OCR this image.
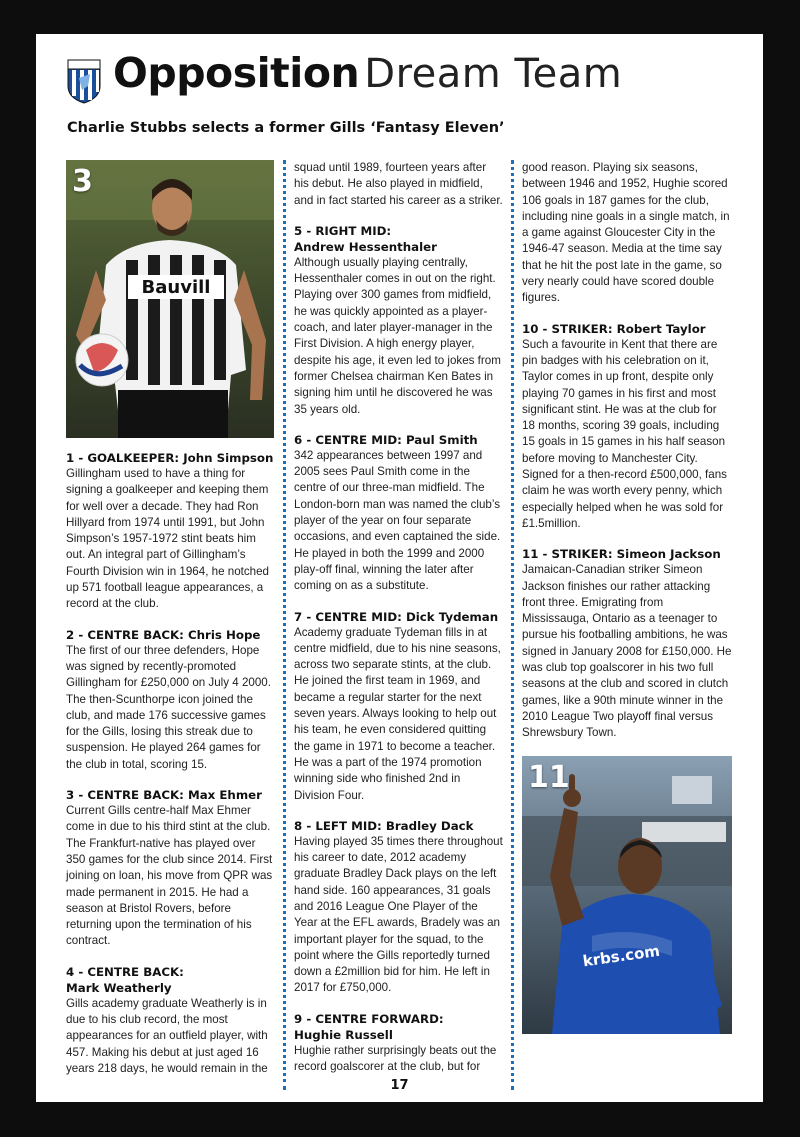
Opposition Dream Team
Charlie Stubbs selects a former Gills ‘Fantasy Eleven’
Bauvill
3
1 - GOALKEEPER: John Simpson

Gillingham used to have a thing for signing a goalkeeper and keeping them for well over a decade. They had Ron Hillyard from 1974 until 1991, but John Simpson’s 1957-1972 stint beats him out. An integral part of Gillingham’s Fourth Division win in 1964, he notched up 571 football league appearances, a record at the club.

2 - CENTRE BACK: Chris Hope

The first of our three defenders, Hope was signed by recently-promoted Gillingham for £250,000 on July 4 2000. The then-Scunthorpe icon joined the club, and made 176 successive games for the Gills, losing this streak due to suspension. He played 264 games for the club in total, scoring 15.

3 - CENTRE BACK: Max Ehmer

Current Gills centre-half Max Ehmer come in due to his third stint at the club. The Frankfurt-native has played over 350 games for the club since 2014. First joining on loan, his move from QPR was made permanent in 2015. He had a season at Bristol Rovers, before returning upon the termination of his contract.

4 - CENTRE BACK:
Mark Weatherly

Gills academy graduate Weatherly is in due to his club record, the most appearances for an outfield player, with 457. Making his debut at just aged 16 years 218 days, he would remain in the

squad until 1989, fourteen years after his debut. He also played in midfield, and in fact started his career as a striker.

5 - RIGHT MID:
Andrew Hessenthaler

Although usually playing centrally, Hessenthaler comes in out on the right. Playing over 300 games from midfield, he was quickly appointed as a player-coach, and later player-manager in the First Division. A high energy player, despite his age, it even led to jokes from former Chelsea chairman Ken Bates in signing him until he discovered he was 35 years old.

6 - CENTRE MID: Paul Smith

342 appearances between 1997 and 2005 sees Paul Smith come in the centre of our three-man midfield. The London-born man was named the club’s player of the year on four separate occasions, and even captained the side. He played in both the 1999 and 2000 play-off final, winning the later after coming on as a substitute.

7 - CENTRE MID: Dick Tydeman

Academy graduate Tydeman fills in at centre midfield, due to his nine seasons, across two separate stints, at the club. He joined the first team in 1969, and became a regular starter for the next seven years. Always looking to help out his team, he even considered quitting the game in 1971 to become a teacher. He was a part of the 1974 promotion winning side who finished 2nd in Division Four.

8 - LEFT MID: Bradley Dack

Having played 35 times there throughout his career to date, 2012 academy graduate Bradley Dack plays on the left hand side. 160 appearances, 31 goals and 2016 League One Player of the Year at the EFL awards, Bradely was an important player for the squad, to the point where the Gills reportedly turned down a £2million bid for him. He left in 2017 for £750,000.

9 - CENTRE FORWARD:
Hughie Russell

Hughie rather surprisingly beats out the record goalscorer at the club, but for

good reason. Playing six seasons, between 1946 and 1952, Hughie scored 106 goals in 187 games for the club, including nine goals in a single match, in a game against Gloucester City in the 1946-47 season. Media at the time say that he hit the post late in the game, so very nearly could have scored double figures.

10 - STRIKER: Robert Taylor

Such a favourite in Kent that there are pin badges with his celebration on it, Taylor comes in up front, despite only playing 70 games in his first and most significant stint. He was at the club for 18 months, scoring 39 goals, including 15 goals in 15 games in his half season before moving to Manchester City. Signed for a then-record £500,000, fans claim he was worth every penny, which especially helped when he was sold for £1.5million.

11 - STRIKER: Simeon Jackson

Jamaican-Canadian striker Simeon Jackson finishes our rather attacking front three. Emigrating from Mississauga, Ontario as a teenager to pursue his footballing ambitions, he was signed in January 2008 for £150,000. He was club top goalscorer in his two full seasons at the club and scored in clutch games, like a 90th minute winner in the 2010 League Two playoff final versus Shrewsbury Town.

krbs.com
11
17
